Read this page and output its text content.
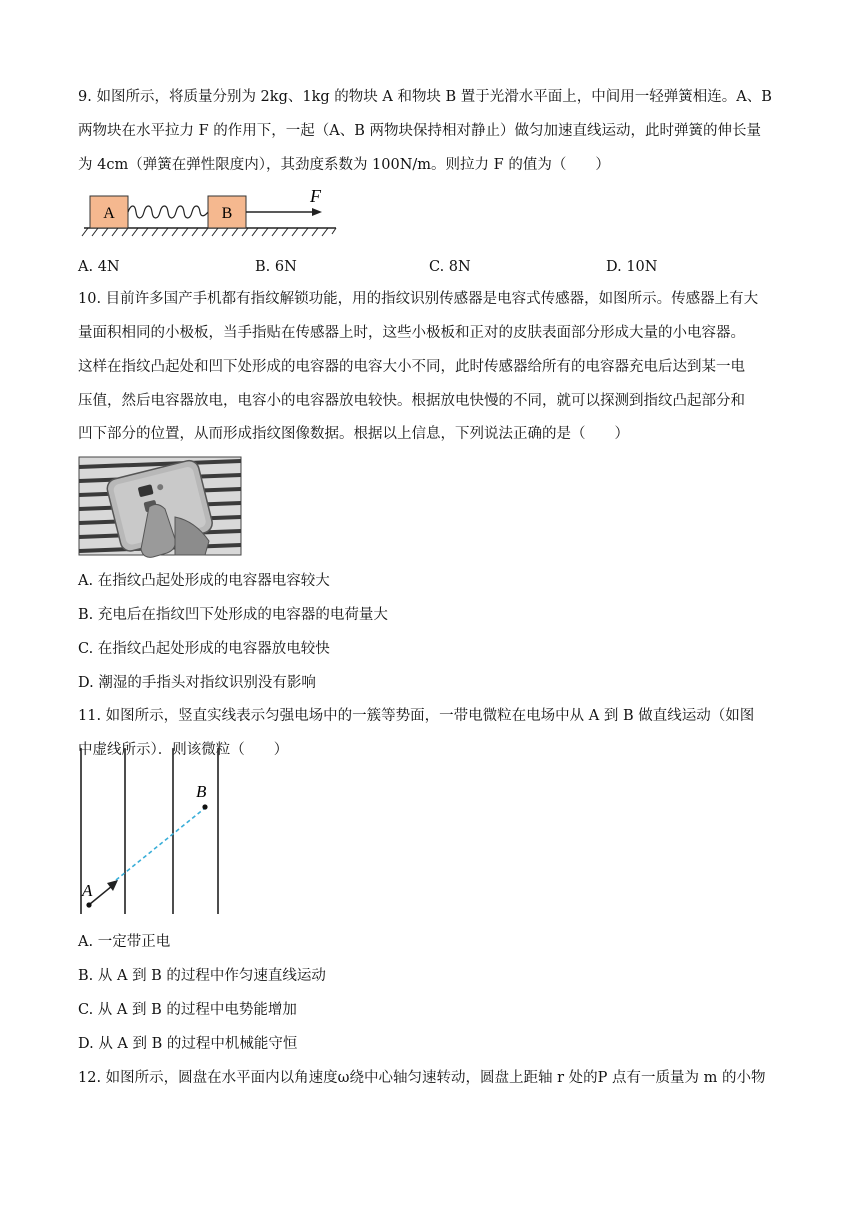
9. 如图所示，将质量分别为 2kg、1kg 的物块 A 和物块 B 置于光滑水平面上，中间用一轻弹簧相连。A、B
两物块在水平拉力 F 的作用下，一起（A、B 两物块保持相对静止）做匀加速直线运动，此时弹簧的伸长量
为 4cm（弹簧在弹性限度内），其劲度系数为 100N/m。则拉力 F 的值为（　　）
A	B
F
A. 4N	B. 6N	C. 8N	D. 10N
10. 目前许多国产手机都有指纹解锁功能，用的指纹识别传感器是电容式传感器，如图所示。传感器上有大
量面积相同的小极板，当手指贴在传感器上时，这些小极板和正对的皮肤表面部分形成大量的小电容器。
这样在指纹凸起处和凹下处形成的电容器的电容大小不同，此时传感器给所有的电容器充电后达到某一电
压值，然后电容器放电，电容小的电容器放电较快。根据放电快慢的不同，就可以探测到指纹凸起部分和
凹下部分的位置，从而形成指纹图像数据。根据以上信息，下列说法正确的是（　　）
A. 在指纹凸起处形成的电容器电容较大
B. 充电后在指纹凹下处形成的电容器的电荷量大
C. 在指纹凸起处形成的电容器放电较快
D. 潮湿的手指头对指纹识别没有影响
11. 如图所示，竖直实线表示匀强电场中的一簇等势面，一带电微粒在电场中从 A 到 B 做直线运动（如图
中虚线所示）．则该微粒（　　）
A
B
A. 一定带正电
B. 从 A 到 B 的过程中作匀速直线运动
C. 从 A 到 B 的过程中电势能增加
D. 从 A 到 B 的过程中机械能守恒
12. 如图所示，圆盘在水平面内以角速度ω绕中心轴匀速转动，圆盘上距轴 r 处的P 点有一质量为 m 的小物
